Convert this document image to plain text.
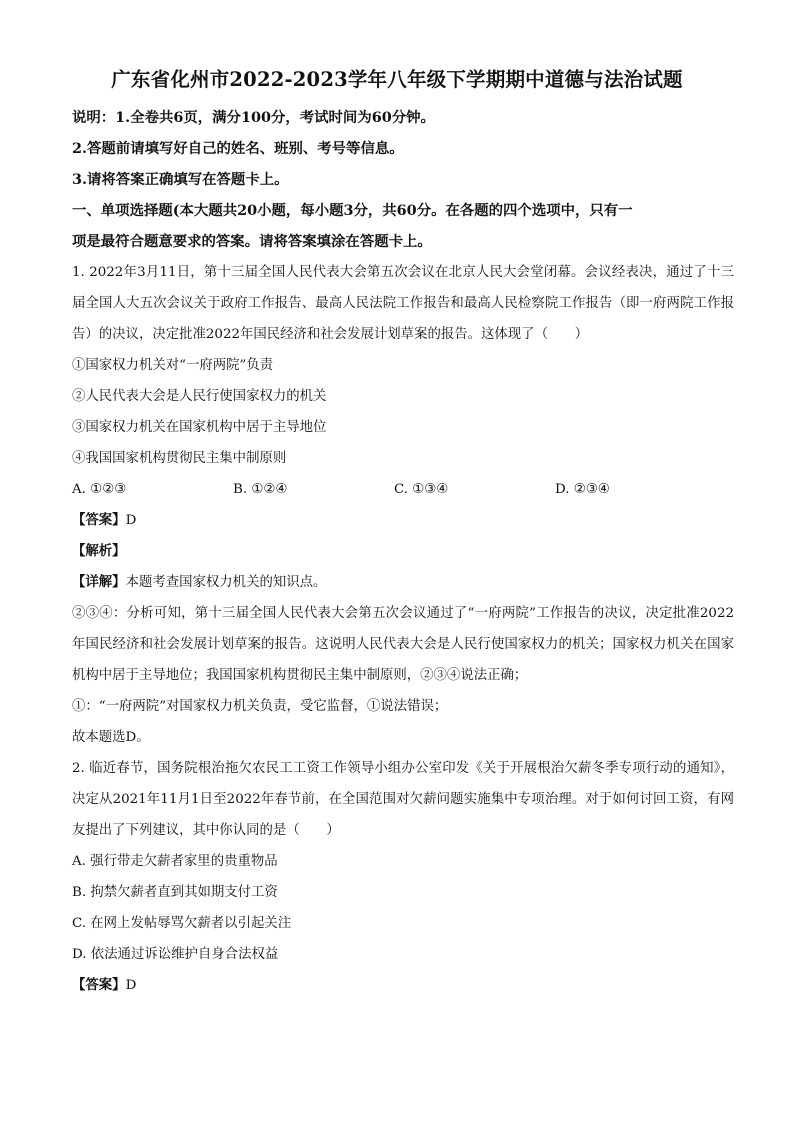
广东省化州市2022-2023学年八年级下学期期中道德与法治试题
说明：1.全卷共6页，满分100分，考试时间为60分钟。
2.答题前请填写好自己的姓名、班别、考号等信息。
3.请将答案正确填写在答题卡上。
一、单项选择题(本大题共20小题，每小题3分，共60分。在各题的四个选项中，只有一
项是最符合题意要求的答案。请将答案填涂在答题卡上。
1. 2022年3月11日，第十三届全国人民代表大会第五次会议在北京人民大会堂闭幕。会议经表决，通过了十三届全国人大五次会议关于政府工作报告、最高人民法院工作报告和最高人民检察院工作报告（即一府两院工作报告）的决议，决定批准2022年国民经济和社会发展计划草案的报告。这体现了（　　）
①国家权力机关对“一府两院”负责
②人民代表大会是人民行使国家权力的机关
③国家权力机关在国家机构中居于主导地位
④我国国家机构贯彻民主集中制原则
A. ①②③	B. ①②④	C. ①③④	D. ②③④
【答案】D
【解析】
【详解】本题考查国家权力机关的知识点。
②③④：分析可知，第十三届全国人民代表大会第五次会议通过了“一府两院”工作报告的决议，决定批准2022年国民经济和社会发展计划草案的报告。这说明人民代表大会是人民行使国家权力的机关；国家权力机关在国家机构中居于主导地位；我国国家机构贯彻民主集中制原则，②③④说法正确；
①：“一府两院”对国家权力机关负责，受它监督，①说法错误；
故本题选D。
2. 临近春节，国务院根治拖欠农民工工资工作领导小组办公室印发《关于开展根治欠薪冬季专项行动的通知》，决定从2021年11月1日至2022年春节前，在全国范围对欠薪问题实施集中专项治理。对于如何讨回工资，有网友提出了下列建议，其中你认同的是（　　）
A. 强行带走欠薪者家里的贵重物品
B. 拘禁欠薪者直到其如期支付工资
C. 在网上发帖辱骂欠薪者以引起关注
D. 依法通过诉讼维护自身合法权益
【答案】D
